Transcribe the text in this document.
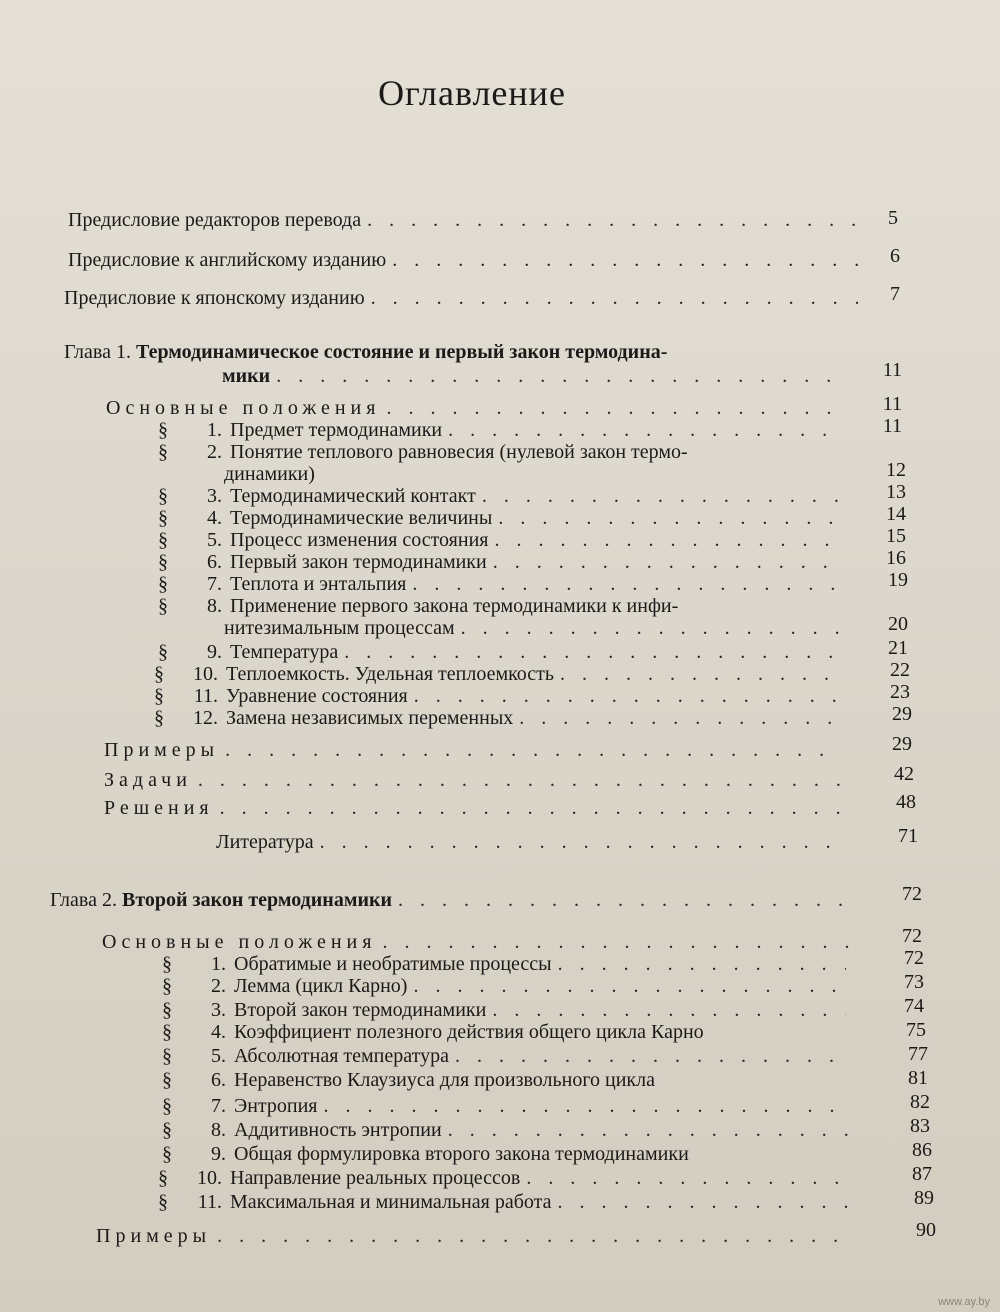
Оглавление
Предисловие редакторов перевода . . .	5
Предисловие к английскому изданию . . .	6
Предисловие к японскому изданию . . .	7
Глава 1.
Термодинамическое состояние и первый закон термодина-
мики . . .	11
Основные положения . . .	11
§	1. Предмет термодинамики . . .	11
§	2. Понятие теплового равновесия (нулевой закон термо-
динамики)	12
§	3. Термодинамический контакт . . .	13
§	4. Термодинамические величины . . .	14
§	5. Процесс изменения состояния . . .	15
§	6. Первый закон термодинамики . . .	16
§	7. Теплота и энтальпия . . .	19
§	8. Применение первого закона термодинамики к инфи-
нитезимальным процессам . . .	20
§	9. Температура . . .	21
§	10. Теплоемкость. Удельная теплоемкость . . .	22
§	11. Уравнение состояния . . .	23
§	12. Замена независимых переменных . . .	29
Примеры . . .	29
Задачи . . .	42
Решения . . .	48
Литература . . .	71
Глава 2.
Второй закон термодинамики . . .	72
Основные положения . . .	72
§	1. Обратимые и необратимые процессы . . .	72
§	2. Лемма (цикл Карно) . . .	73
§	3. Второй закон термодинамики . . .	74
§	4. Коэффициент полезного действия общего цикла Карно	75
§	5. Абсолютная температура . . .	77
§	6. Неравенство Клаузиуса для произвольного цикла	81
§	7. Энтропия . . .	82
§	8. Аддитивность энтропии . . .	83
§	9. Общая формулировка второго закона термодинамики	86
§	10. Направление реальных процессов . . .	87
§	11. Максимальная и минимальная работа . . .	89
Примеры . . .	90
www.ay.by
